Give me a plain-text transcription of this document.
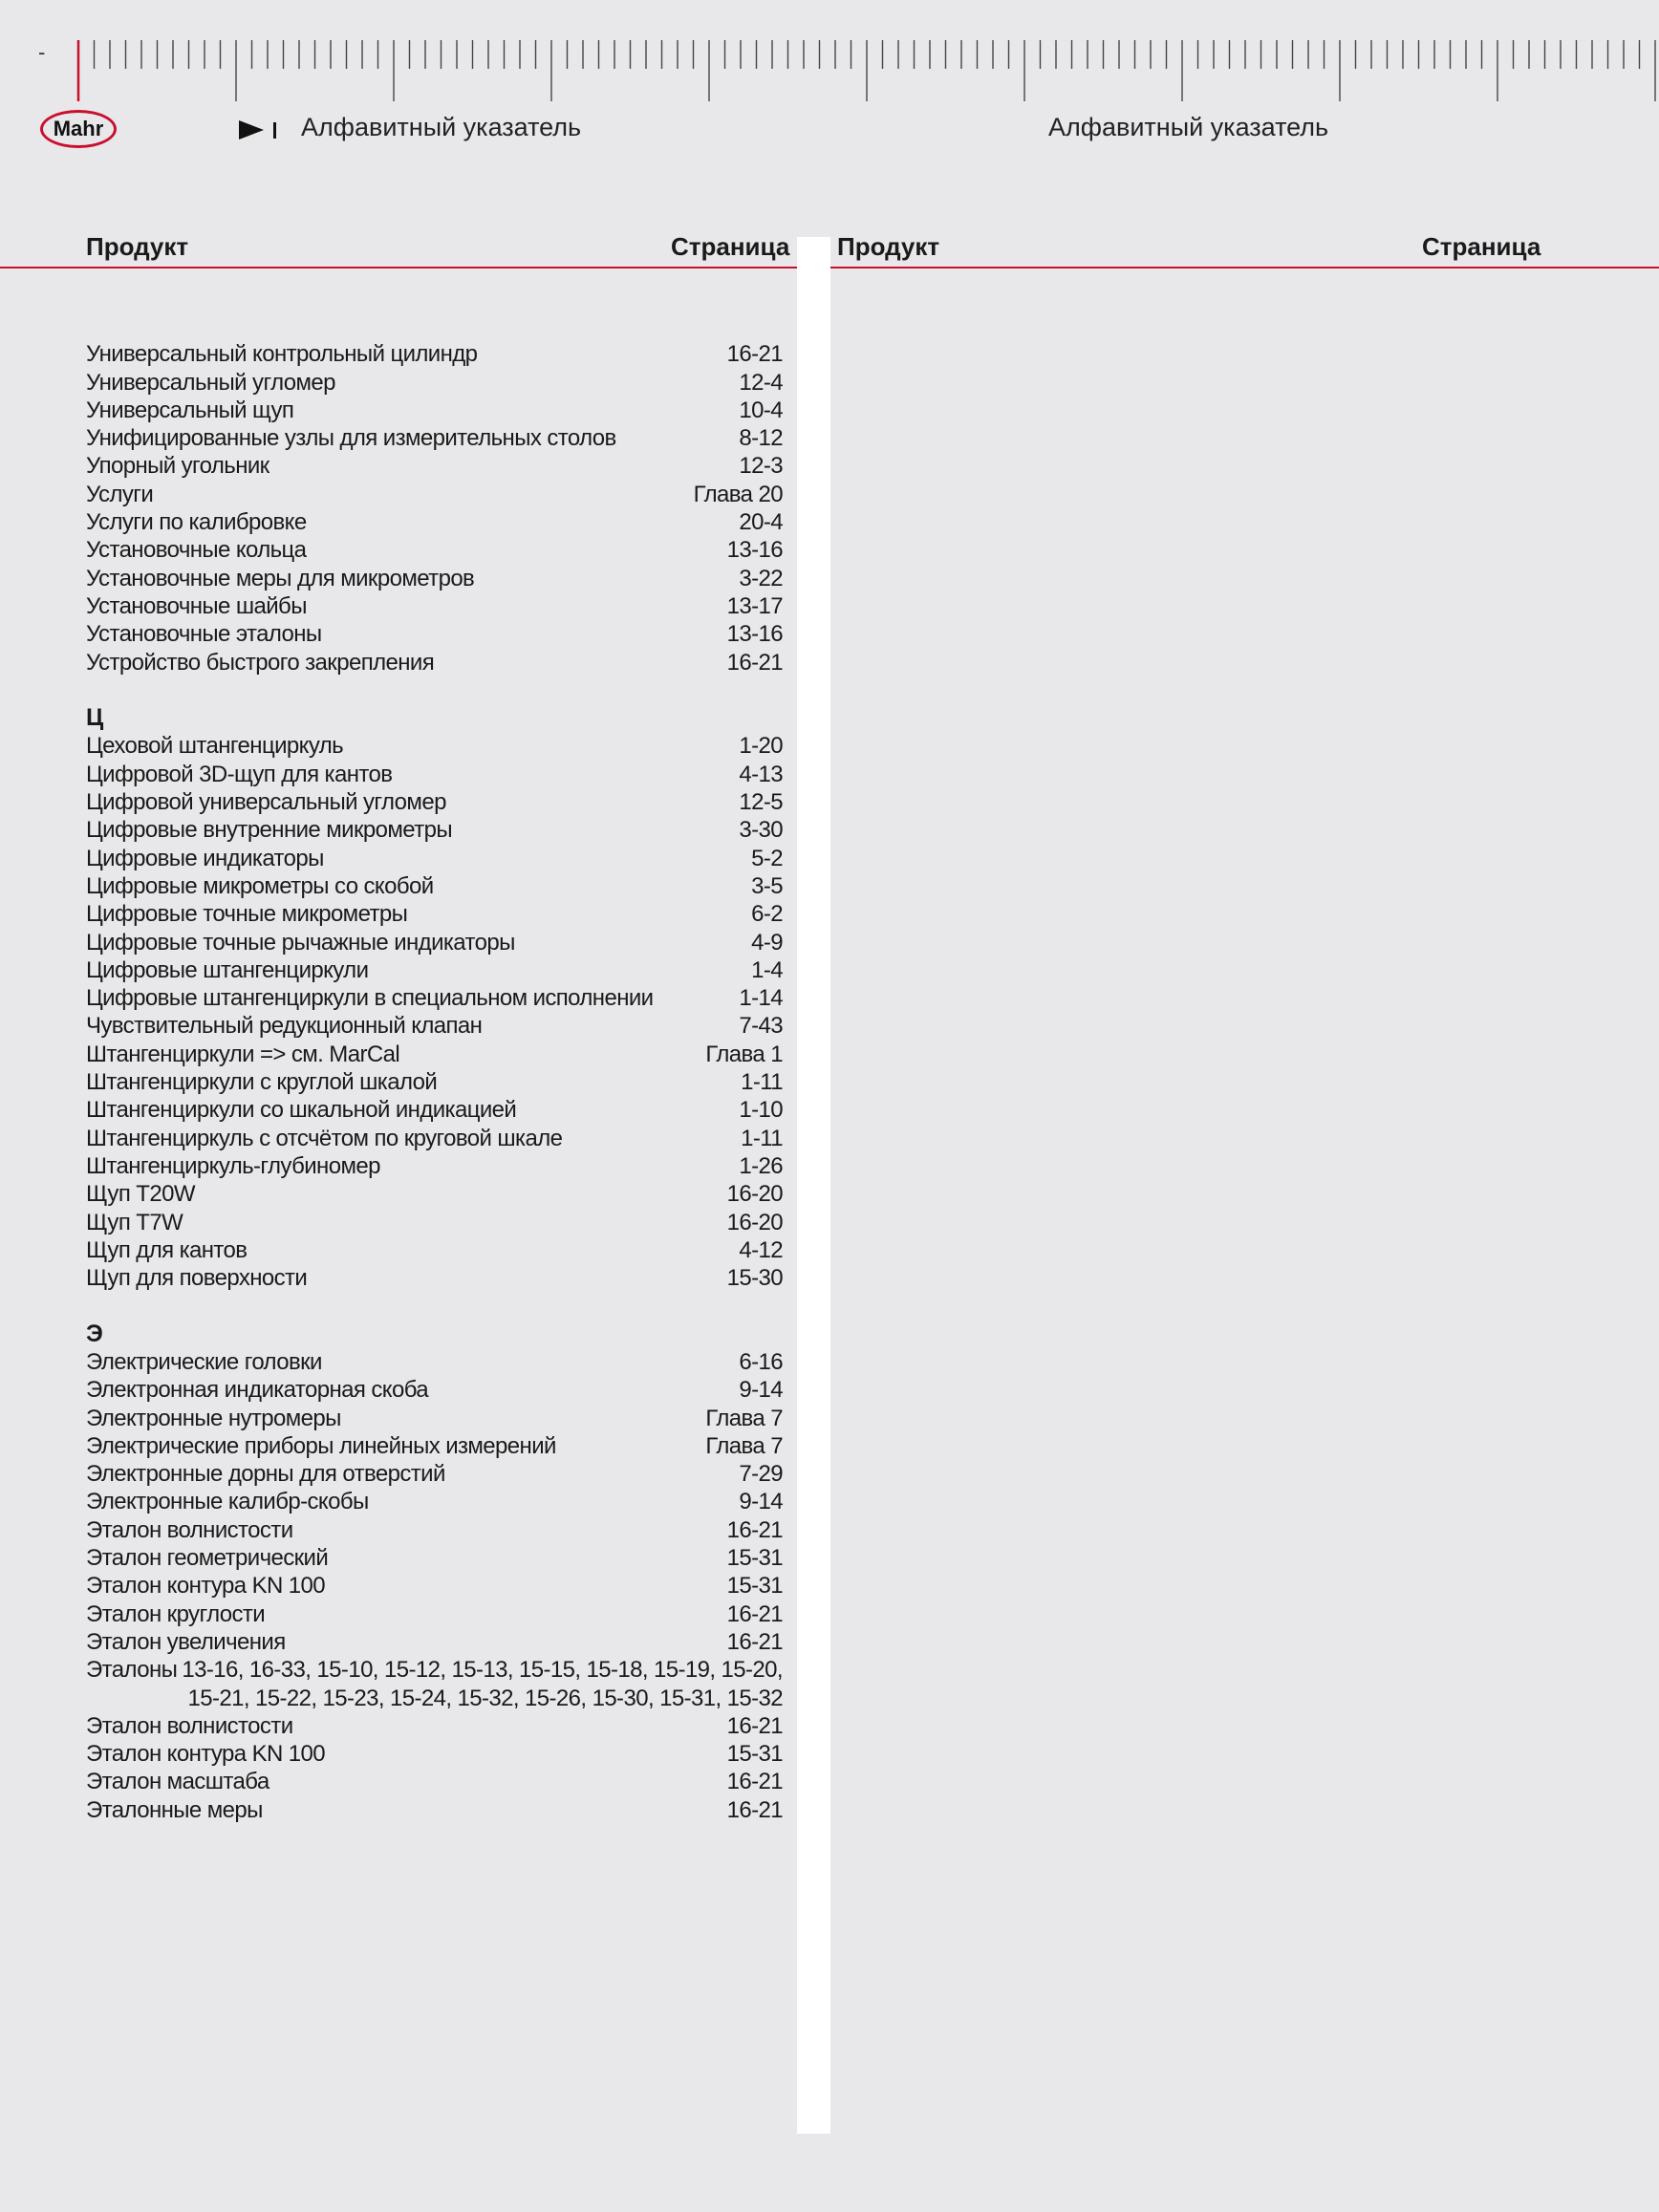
-
Mahr	Алфавитный указатель	Алфавитный указатель
Продукт	Страница Продукт	Страница
Универсальный контрольный цилиндр	16-21
Универсальный угломер	12-4
Универсальный щуп	10-4
Унифицированные узлы для измерительных столов	8-12
Упорный угольник	12-3
Услуги	Глава 20
Услуги по калибровке	20-4
Установочные кольца	13-16
Установочные меры для микрометров	3-22
Установочные шайбы	13-17
Установочные эталоны	13-16
Устройство быстрого закрепления	16-21
Ц
Цеховой штангенциркуль	1-20
Цифровой 3D-щуп для кантов	4-13
Цифровой универсальный угломер	12-5
Цифровые внутренние микрометры	3-30
Цифровые индикаторы	5-2
Цифровые микрометры со скобой	3-5
Цифровые точные микрометры	6-2
Цифровые точные рычажные индикаторы	4-9
Цифровые штангенциркули	1-4
Цифровые штангенциркули в специальном исполнении	1-14
Чувствительный редукционный клапан	7-43
Штангенциркули => см. MarCal	Глава 1
Штангенциркули с круглой шкалой	1-11
Штангенциркули со шкальной индикацией	1-10
Штангенциркуль с отсчётом по круговой шкале	1-11
Штангенциркуль-глубиномер	1-26
Щуп T20W	16-20
Щуп T7W	16-20
Щуп для кантов	4-12
Щуп для поверхности	15-30
Э
Электрические головки	6-16
Электронная индикаторная скоба	9-14
Электронные нутромеры	Глава 7
Электрические приборы линейных измерений	Глава 7
Электронные дорны для отверстий	7-29
Электронные калибр-скобы	9-14
Эталон волнистости	16-21
Эталон геометрический	15-31
Эталон контура KN 100	15-31
Эталон круглости	16-21
Эталон увеличения	16-21
Эталоны 13-16, 16-33, 15-10, 15-12, 15-13, 15-15, 15-18, 15-19, 15-20,
15-21, 15-22, 15-23, 15-24, 15-32, 15-26, 15-30, 15-31, 15-32
Эталон волнистости	16-21
Эталон контура KN 100	15-31
Эталон масштаба	16-21
Эталонные меры	16-21
